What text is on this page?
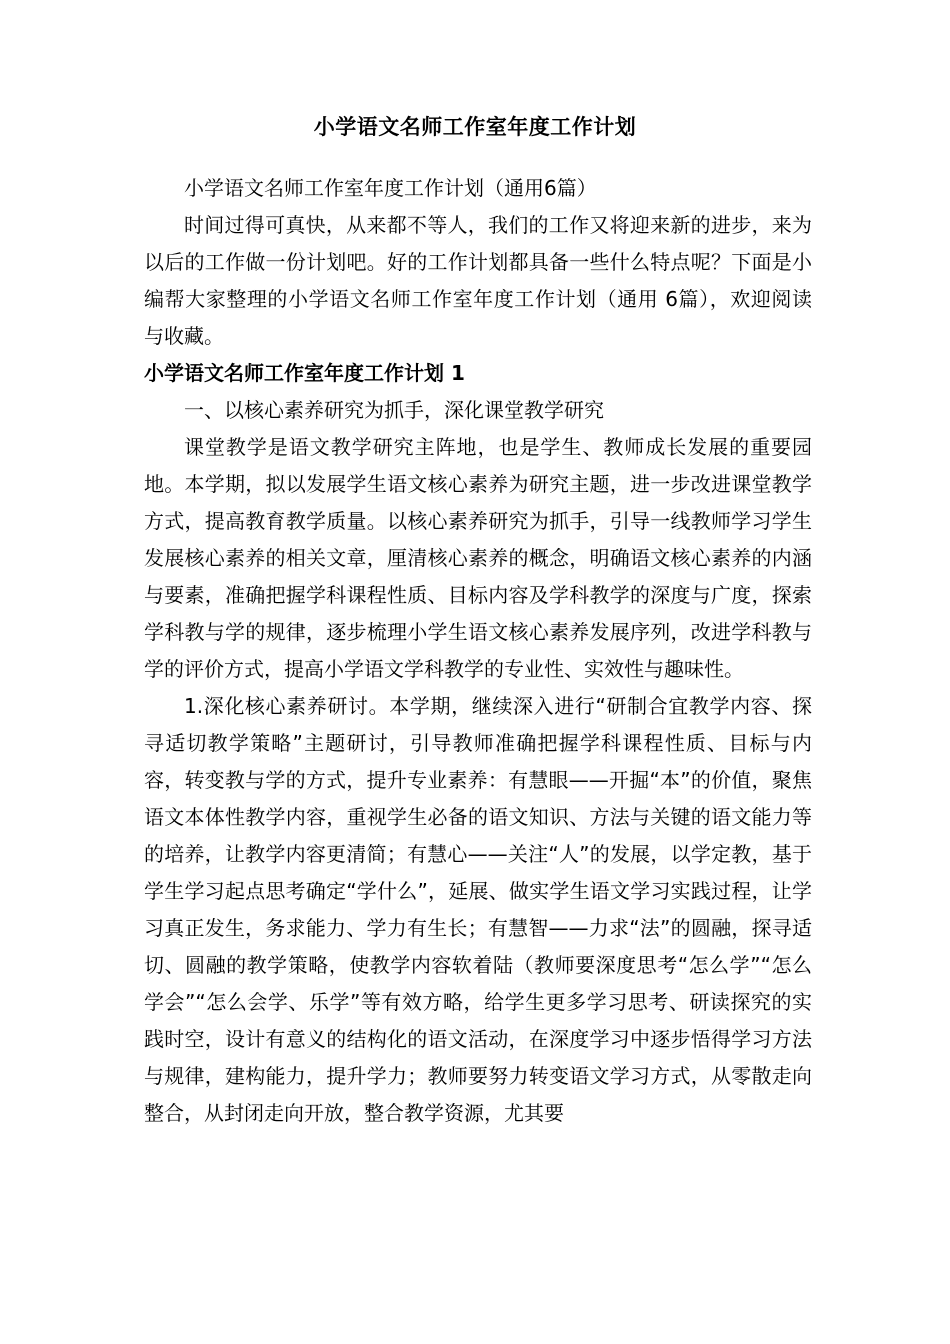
小学语文名师工作室年度工作计划

小学语文名师工作室年度工作计划（通用6篇）

时间过得可真快，从来都不等人，我们的工作又将迎来新的进步，来为以后的工作做一份计划吧。好的工作计划都具备一些什么特点呢？下面是小编帮大家整理的小学语文名师工作室年度工作计划（通用 6篇），欢迎阅读与收藏。

小学语文名师工作室年度工作计划 1

一、以核心素养研究为抓手，深化课堂教学研究

课堂教学是语文教学研究主阵地，也是学生、教师成长发展的重要园地。本学期，拟以发展学生语文核心素养为研究主题，进一步改进课堂教学方式，提高教育教学质量。以核心素养研究为抓手，引导一线教师学习学生发展核心素养的相关文章，厘清核心素养的概念，明确语文核心素养的内涵与要素，准确把握学科课程性质、目标内容及学科教学的深度与广度，探索学科教与学的规律，逐步梳理小学生语文核心素养发展序列，改进学科教与学的评价方式，提高小学语文学科教学的专业性、实效性与趣味性。

1.深化核心素养研讨。本学期，继续深入进行“研制合宜教学内容、探寻适切教学策略”主题研讨，引导教师准确把握学科课程性质、目标与内容，转变教与学的方式，提升专业素养：有慧眼——开掘“本”的价值，聚焦语文本体性教学内容，重视学生必备的语文知识、方法与关键的语文能力等的培养，让教学内容更清简；有慧心——关注“人”的发展，以学定教，基于学生学习起点思考确定“学什么”，延展、做实学生语文学习实践过程，让学习真正发生，务求能力、学力有生长；有慧智——力求“法”的圆融，探寻适切、圆融的教学策略，使教学内容软着陆（教师要深度思考“怎么学”“怎么学会”“怎么会学、乐学”等有效方略，给学生更多学习思考、研读探究的实践时空，设计有意义的结构化的语文活动，在深度学习中逐步悟得学习方法与规律，建构能力，提升学力；教师要努力转变语文学习方式，从零散走向整合，从封闭走向开放，整合教学资源，尤其要
